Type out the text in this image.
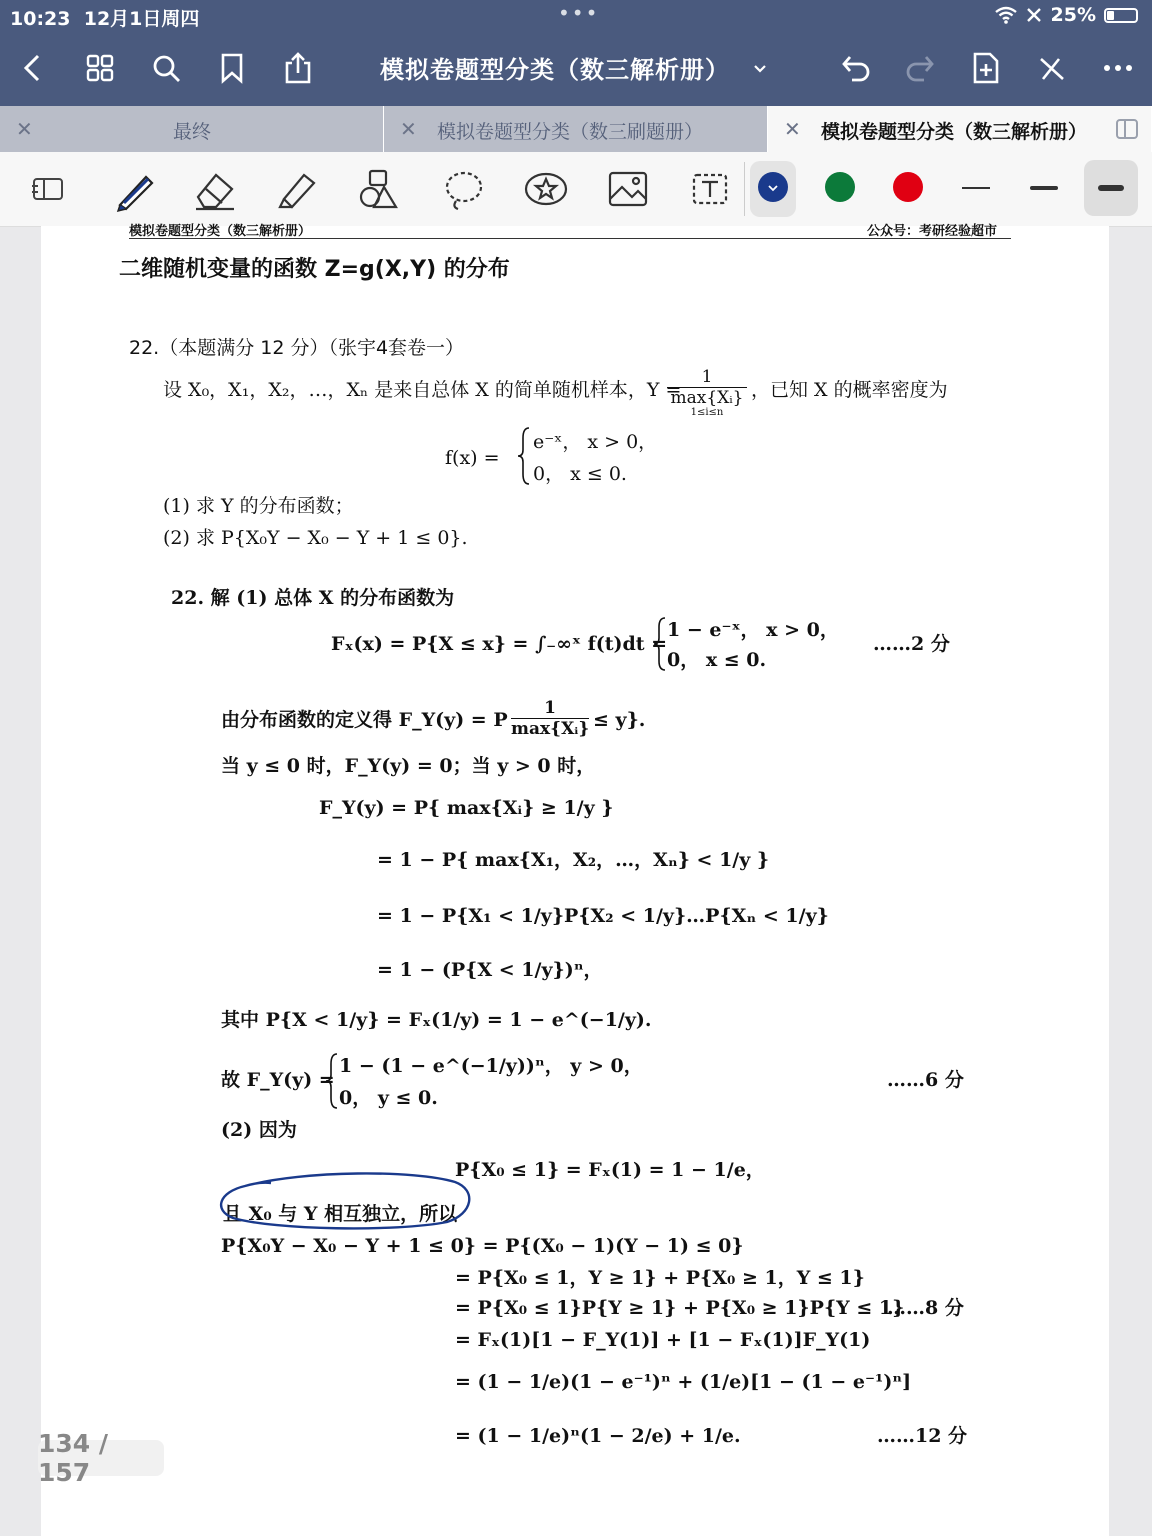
10:23 12月1日周四	•••	25%
模拟卷题型分类（数三解析册）
✕	最终	✕ 模拟卷题型分类（数三刷题册）	✕ 模拟卷题型分类（数三解析册）
模拟卷题型分类（数三解析册）	公众号：考研经验超市
二维随机变量的函数 Z=g(X,Y) 的分布
22.（本题满分 12 分）（张宇4套卷一）
设 X₀，X₁，X₂，…，Xₙ 是来自总体 X 的简单随机样本，Y =
1
max{Xᵢ}
1≤i≤n
，已知 X 的概率密度为
f(x) =
e⁻ˣ， x > 0，
0， x ≤ 0.
(1) 求 Y 的分布函数；
(2) 求 P{X₀Y − X₀ − Y + 1 ≤ 0}.
22. 解 (1) 总体 X 的分布函数为
Fₓ(x) = P{X ≤ x} = ∫₋∞ˣ f(t)dt =
1 − e⁻ˣ， x > 0，
0， x ≤ 0.
……2 分
由分布函数的定义得 F_Y(y) = P
1
max{Xᵢ} ≤ y}.
当 y ≤ 0 时，F_Y(y) = 0；当 y > 0 时，
F_Y(y) = P{ max{Xᵢ} ≥ 1/y }
= 1 − P{ max{X₁，X₂，…，Xₙ} < 1/y }
= 1 − P{X₁ < 1/y}P{X₂ < 1/y}…P{Xₙ < 1/y}
= 1 − (P{X < 1/y})ⁿ，
其中 P{X < 1/y} = Fₓ(1/y) = 1 − e^(−1/y).
故 F_Y(y) =
1 − (1 − e^(−1/y))ⁿ， y > 0，
0， y ≤ 0.
……6 分
(2) 因为
P{X₀ ≤ 1} = Fₓ(1) = 1 − 1/e，
且 X₀ 与 Y 相互独立，所以
P{X₀Y − X₀ − Y + 1 ≤ 0} = P{(X₀ − 1)(Y − 1) ≤ 0}
= P{X₀ ≤ 1，Y ≥ 1} + P{X₀ ≥ 1，Y ≤ 1}
= P{X₀ ≤ 1}P{Y ≥ 1} + P{X₀ ≥ 1}P{Y ≤ 1}
……8 分
= Fₓ(1)[1 − F_Y(1)] + [1 − Fₓ(1)]F_Y(1)
= (1 − 1/e)(1 − e⁻¹)ⁿ + (1/e)[1 − (1 − e⁻¹)ⁿ]
= (1 − 1/e)ⁿ(1 − 2/e) + 1/e.	……12 分
134 / 157
